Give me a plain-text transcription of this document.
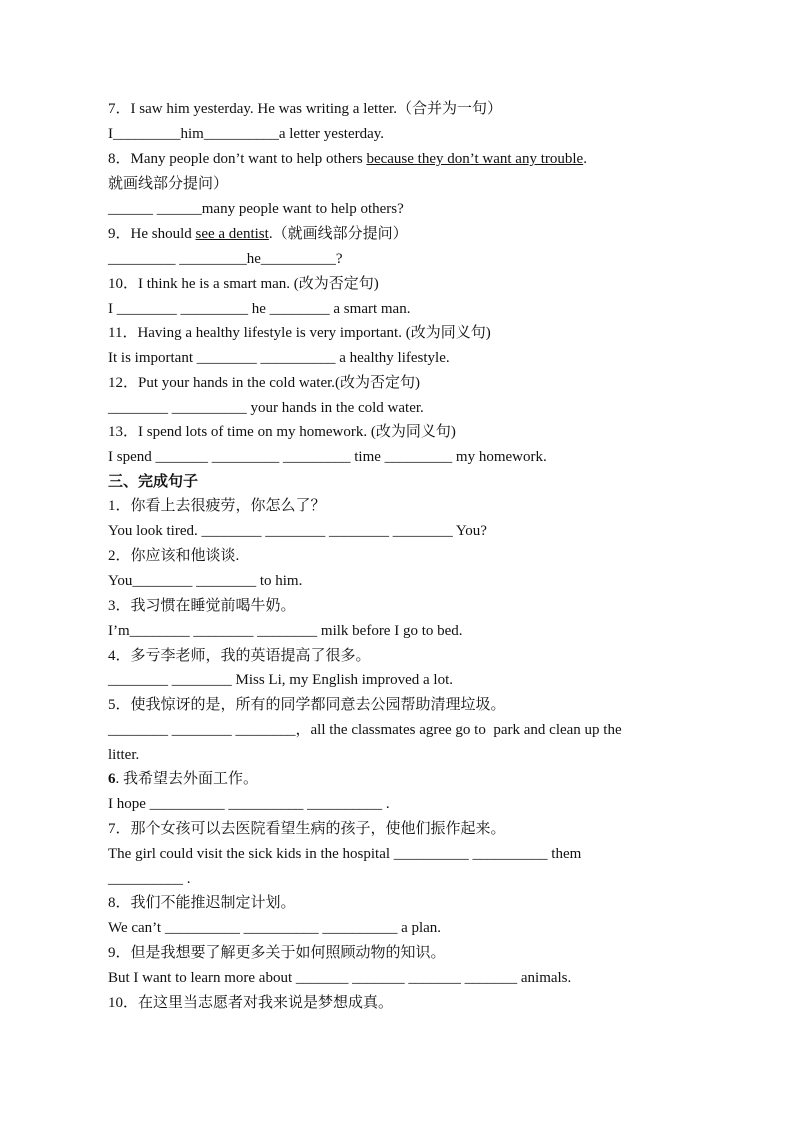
7．I saw him yesterday. He was writing a letter.（合并为一句）

I_________him__________a letter yesterday.

8．Many people don’t want to help others because they don’t want any trouble.

就画线部分提问）

______ ______many people want to help others?

9．He should see a dentist.（就画线部分提问）

_________ _________he__________?

10．I think he is a smart man. (改为否定句)

I ________ _________ he ________ a smart man.

11．Having a healthy lifestyle is very important. (改为同义句)

It is important ________ __________ a healthy lifestyle.

12．Put your hands in the cold water.(改为否定句)

________ __________ your hands in the cold water.

13．I spend lots of time on my homework. (改为同义句)

I spend _______ _________ _________ time _________ my homework.

三、完成句子

1．你看上去很疲劳，你怎么了？

You look tired. ________ ________ ________ ________ You?

2．你应该和他谈谈.

You________ ________ to him.

3．我习惯在睡觉前喝牛奶。

I’m________ ________ ________ milk before I go to bed.

4．多亏李老师，我的英语提高了很多。

________ ________ Miss Li, my English improved a lot.

5．使我惊讶的是，所有的同学都同意去公园帮助清理垃圾。

________ ________ ________，all the classmates agree go to  park and clean up the

litter.

6. 我希望去外面工作。

I hope __________ __________ __________ .

7．那个女孩可以去医院看望生病的孩子，使他们振作起来。

The girl could visit the sick kids in the hospital __________ __________ them

__________ .

8．我们不能推迟制定计划。

We can’t __________ __________ __________ a plan.

9．但是我想要了解更多关于如何照顾动物的知识。

But I want to learn more about _______ _______ _______ _______ animals.

10．在这里当志愿者对我来说是梦想成真。
